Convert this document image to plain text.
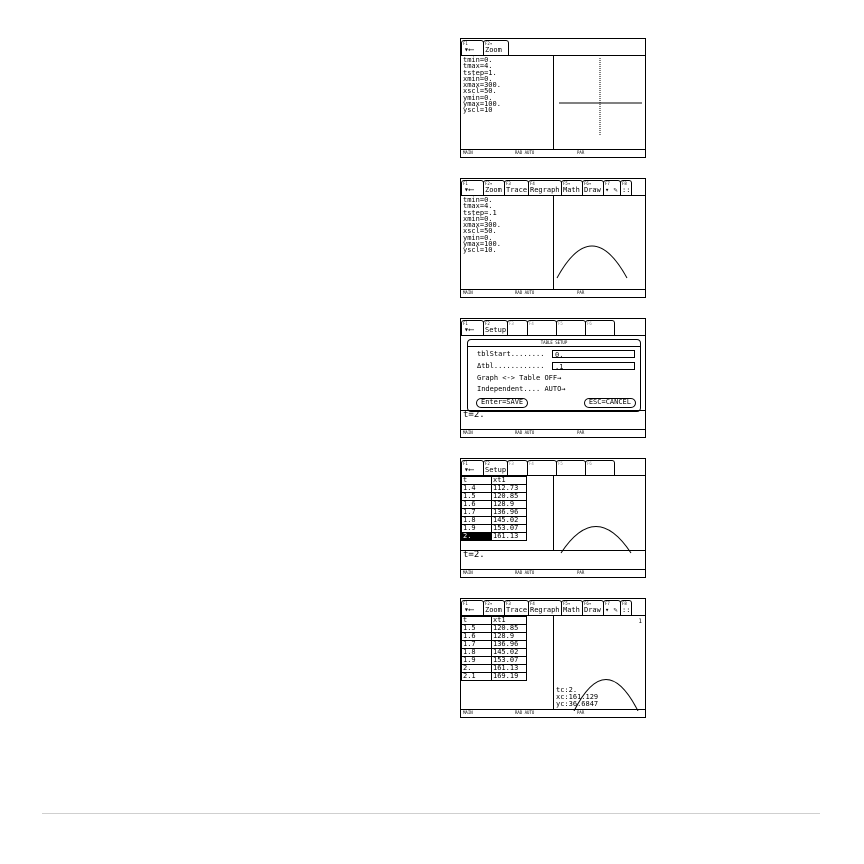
F1
▾⟵
F2▾
Zoom
tmin=0.
tmax=4.
tstep=1.
xmin=0.
xmax=300.
xscl=50.
ymin=0.
ymax=100.
yscl=10
MAIN	RAD AUTO	PAR
F1
▾⟵
F2▾
Zoom
F3
Trace
F4
Regraph
F5▾
Math
F6▾
Draw
F7
▾ ✎
F8
::
tmin=0.
tmax=4.
tstep=.1
xmin=0.
xmax=300.
xscl=50.
ymin=0.
ymax=100.
yscl=10.
MAIN	RAD AUTO	PAR
F1
▾⟵
F2
Setup
F3	F4	F5	F6
TABLE SETUP
tblStart........	0.
Δtbl............	.1
Graph <-> Table OFF→
Independent.... AUTO→
Enter=SAVE	ESC=CANCEL
t=2.
MAIN	RAD AUTO	PAR
F1
▾⟵
F2
Setup
F3	F4	F5	F6
t	xt1
1.4	112.73
1.5	120.85
1.6	128.9
1.7	136.96
1.8	145.02
1.9	153.07
2.	161.13
t=2.
MAIN	RAD AUTO	PAR
F1
▾⟵
F2▾
Zoom
F3
Trace
F4
Regraph
F5▾
Math
F6▾
Draw
F7
▾ ✎
F8
::
t	xt1
1.5	120.85
1.6	128.9
1.7	136.96
1.8	145.02
1.9	153.07
2.	161.13
2.1	169.19
1
tc:2.
xc:161.129
yc:36.6847
MAIN	RAD AUTO	PAR
